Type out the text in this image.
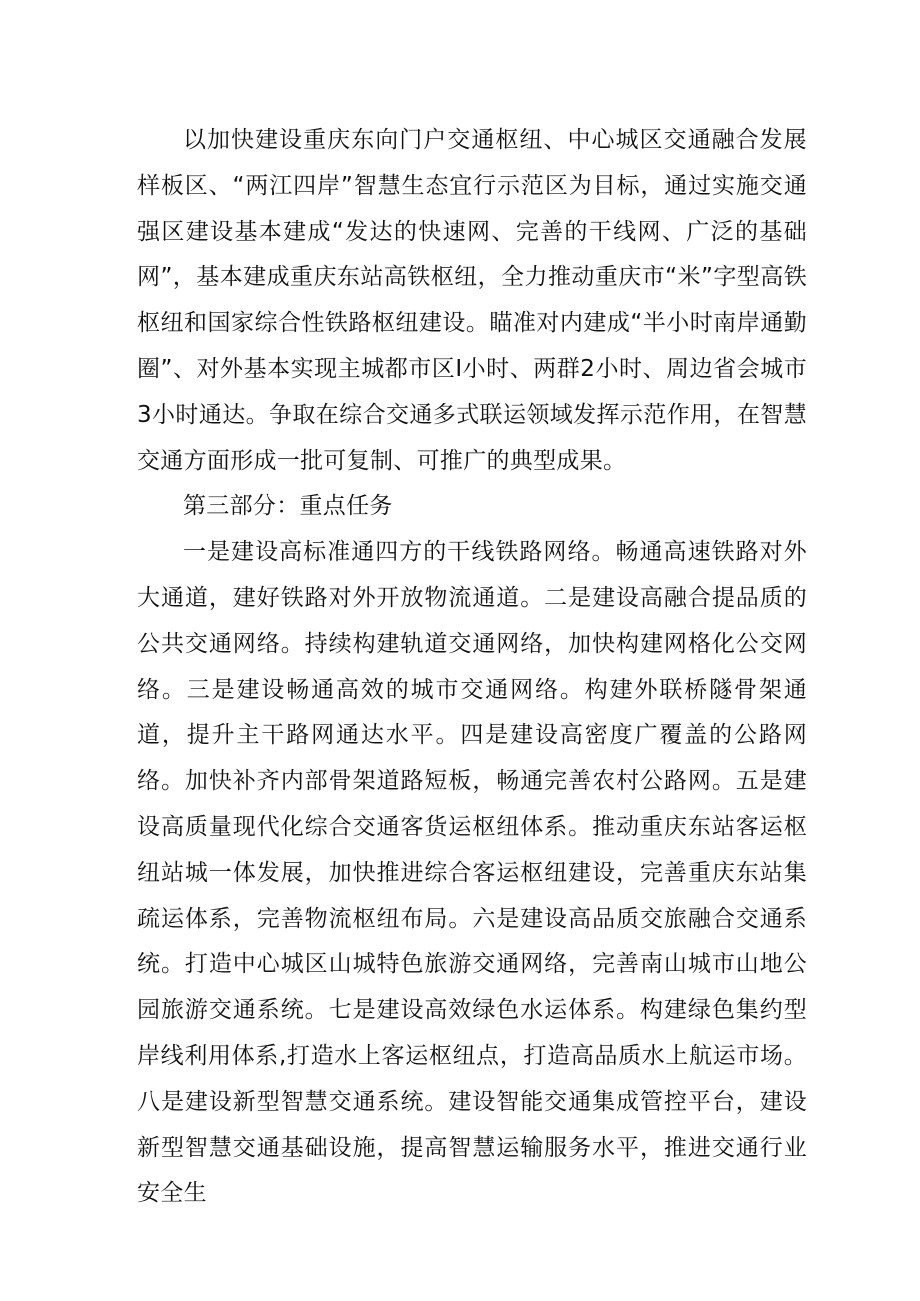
以加快建设重庆东向门户交通枢纽、中心城区交通融合发展样板区、“两江四岸”智慧生态宜行示范区为目标，通过实施交通强区建设基本建成“发达的快速网、完善的干线网、广泛的基础网”，基本建成重庆东站高铁枢纽，全力推动重庆市“米”字型高铁枢纽和国家综合性铁路枢纽建设。瞄准对内建成“半小时南岸通勤圈”、对外基本实现主城都市区I小时、两群2小时、周边省会城市3小时通达。争取在综合交通多式联运领域发挥示范作用，在智慧交通方面形成一批可复制、可推广的典型成果。

第三部分：重点任务

一是建设高标准通四方的干线铁路网络。畅通高速铁路对外大通道，建好铁路对外开放物流通道。二是建设高融合提品质的公共交通网络。持续构建轨道交通网络，加快构建网格化公交网络。三是建设畅通高效的城市交通网络。构建外联桥隧骨架通道，提升主干路网通达水平。四是建设高密度广覆盖的公路网络。加快补齐内部骨架道路短板，畅通完善农村公路网。五是建设高质量现代化综合交通客货运枢纽体系。推动重庆东站客运枢纽站城一体发展，加快推进综合客运枢纽建设，完善重庆东站集疏运体系，完善物流枢纽布局。六是建设高品质交旅融合交通系统。打造中心城区山城特色旅游交通网络，完善南山城市山地公园旅游交通系统。七是建设高效绿色水运体系。构建绿色集约型岸线利用体系,打造水上客运枢纽点，打造高品质水上航运市场。八是建设新型智慧交通系统。建设智能交通集成管控平台，建设新型智慧交通基础设施，提高智慧运输服务水平，推进交通行业安全生
